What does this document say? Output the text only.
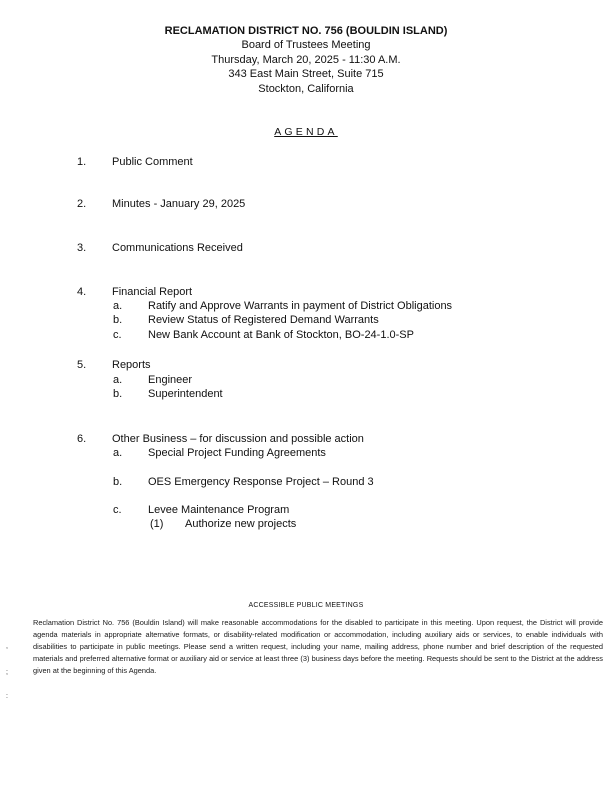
RECLAMATION DISTRICT NO. 756 (BOULDIN ISLAND)
Board of Trustees Meeting
Thursday, March 20, 2025 - 11:30 A.M.
343 East Main Street, Suite 715
Stockton, California
AGENDA
1. Public Comment
2. Minutes - January 29, 2025
3. Communications Received
4. Financial Report
a. Ratify and Approve Warrants in payment of District Obligations
b. Review Status of Registered Demand Warrants
c. New Bank Account at Bank of Stockton, BO-24-1.0-SP
5. Reports
a. Engineer
b. Superintendent
6. Other Business – for discussion and possible action
a. Special Project Funding Agreements
b. OES Emergency Response Project – Round 3
c. Levee Maintenance Program
(1) Authorize new projects
ACCESSIBLE PUBLIC MEETINGS
Reclamation District No. 756 (Bouldin Island) will make reasonable accommodations for the disabled to participate in this meeting. Upon request, the District will provide agenda materials in appropriate alternative formats, or disability-related modification or accommodation, including auxiliary aids or services, to enable individuals with disabilities to participate in public meetings. Please send a written request, including your name, mailing address, phone number and brief description of the requested materials and preferred alternative format or auxiliary aid or service at least three (3) business days before the meeting. Requests should be sent to the District at the address given at the beginning of this Agenda.
,
;
:
